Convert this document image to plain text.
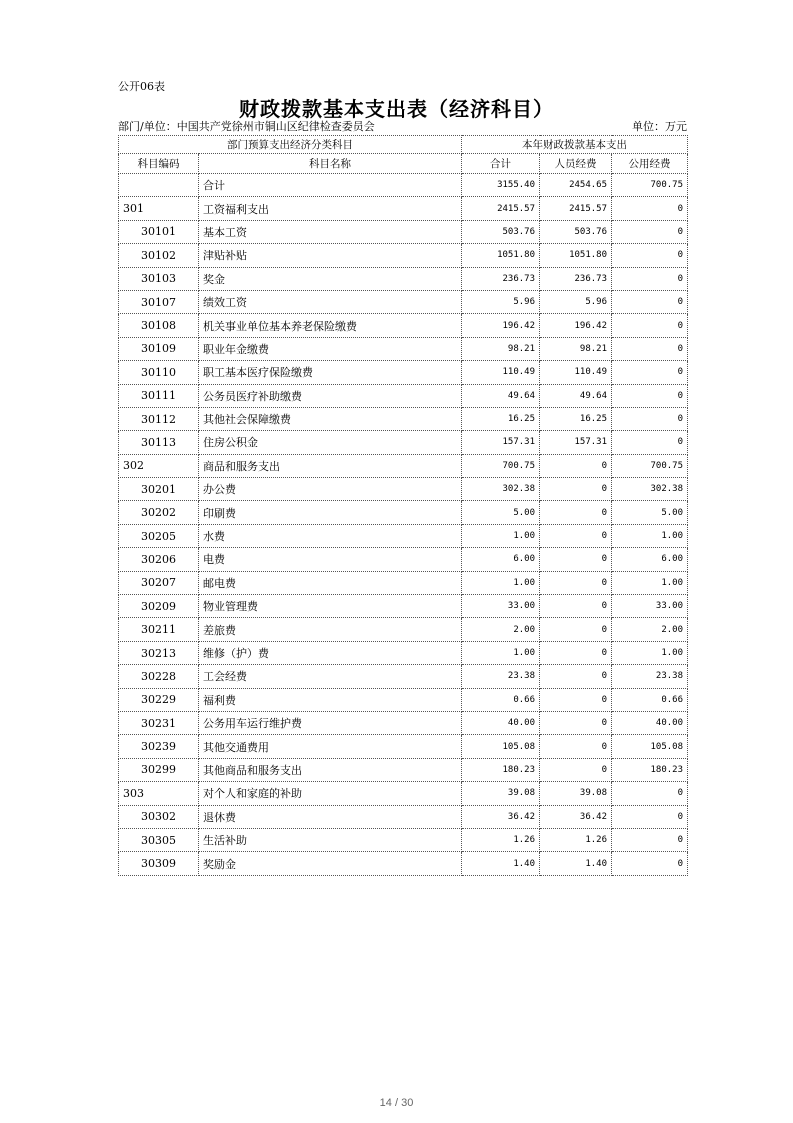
公开06表
财政拨款基本支出表（经济科目）
部门/单位：中国共产党徐州市铜山区纪律检查委员会	单位：万元
部门预算支出经济分类科目		本年财政拨款基本支出		
科目编码	科目名称	合计	人员经费	公用经费
	合计	3155.40	2454.65	700.75
301	工资福利支出	2415.57	2415.57	0
30101	基本工资	503.76	503.76	0
30102	津贴补贴	1051.80	1051.80	0
30103	奖金	236.73	236.73	0
30107	绩效工资	5.96	5.96	0
30108	机关事业单位基本养老保险缴费	196.42	196.42	0
30109	职业年金缴费	98.21	98.21	0
30110	职工基本医疗保险缴费	110.49	110.49	0
30111	公务员医疗补助缴费	49.64	49.64	0
30112	其他社会保障缴费	16.25	16.25	0
30113	住房公积金	157.31	157.31	0
302	商品和服务支出	700.75	0	700.75
30201	办公费	302.38	0	302.38
30202	印刷费	5.00	0	5.00
30205	水费	1.00	0	1.00
30206	电费	6.00	0	6.00
30207	邮电费	1.00	0	1.00
30209	物业管理费	33.00	0	33.00
30211	差旅费	2.00	0	2.00
30213	维修（护）费	1.00	0	1.00
30228	工会经费	23.38	0	23.38
30229	福利费	0.66	0	0.66
30231	公务用车运行维护费	40.00	0	40.00
30239	其他交通费用	105.08	0	105.08
30299	其他商品和服务支出	180.23	0	180.23
303	对个人和家庭的补助	39.08	39.08	0
30302	退休费	36.42	36.42	0
30305	生活补助	1.26	1.26	0
30309	奖励金	1.40	1.40	0
14 / 30
